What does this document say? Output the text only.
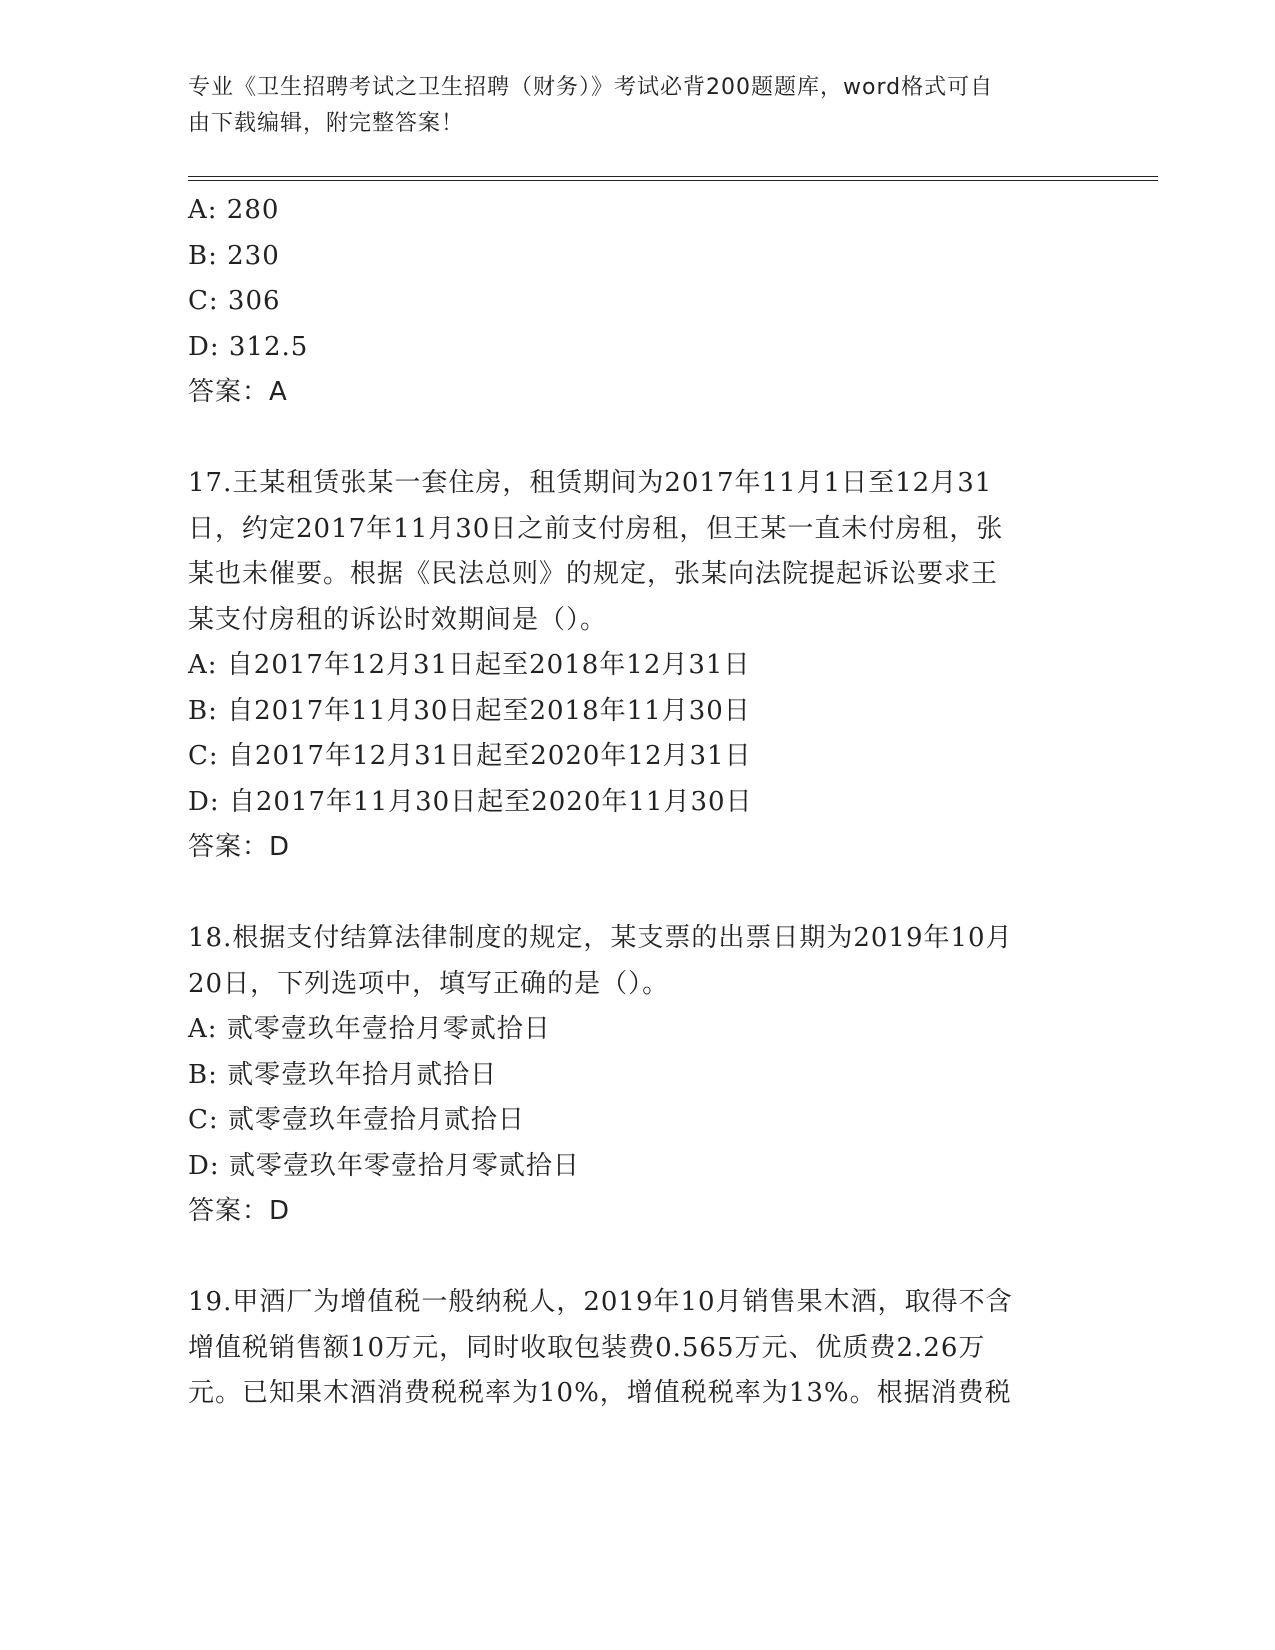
专业《卫生招聘考试之卫生招聘（财务）》考试必背200题题库，word格式可自

由下载编辑，附完整答案！

A: 280
B: 230
C: 306
D: 312.5
答案：A
17.王某租赁张某一套住房，租赁期间为2017年11月1日至12月31
日，约定2017年11月30日之前支付房租，但王某一直未付房租，张
某也未催要。根据《民法总则》的规定，张某向法院提起诉讼要求王
某支付房租的诉讼时效期间是（）。
A: 自2017年12月31日起至2018年12月31日
B: 自2017年11月30日起至2018年11月30日
C: 自2017年12月31日起至2020年12月31日
D: 自2017年11月30日起至2020年11月30日
答案：D
18.根据支付结算法律制度的规定，某支票的出票日期为2019年10月
20日，下列选项中，填写正确的是（）。
A: 贰零壹玖年壹拾月零贰拾日
B: 贰零壹玖年拾月贰拾日
C: 贰零壹玖年壹拾月贰拾日
D: 贰零壹玖年零壹拾月零贰拾日
答案：D
19.甲酒厂为增值税一般纳税人，2019年10月销售果木酒，取得不含
增值税销售额10万元，同时收取包装费0.565万元、优质费2.26万
元。已知果木酒消费税税率为10%，增值税税率为13%。根据消费税
